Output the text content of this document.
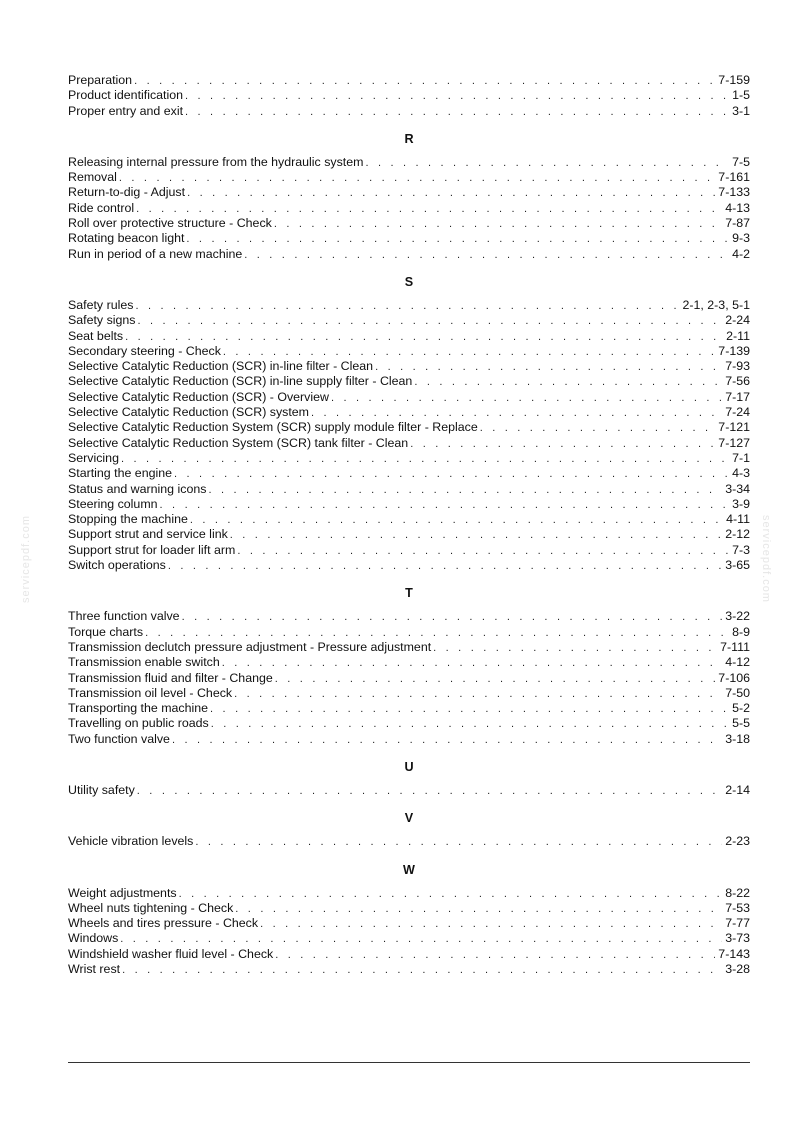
Preparation . . .	7-159
Product identification . . .	1-5
Proper entry and exit . . .	3-1
R
Releasing internal pressure from the hydraulic system . . .	7-5
Removal . . .	7-161
Return-to-dig - Adjust . . .	7-133
Ride control . . .	4-13
Roll over protective structure - Check . . .	7-87
Rotating beacon light . . .	9-3
Run in period of a new machine . . .	4-2
S
Safety rules . . .	2-1, 2-3, 5-1
Safety signs . . .	2-24
Seat belts . . .	2-11
Secondary steering - Check . . .	7-139
Selective Catalytic Reduction (SCR) in-line filter - Clean . . .	7-93
Selective Catalytic Reduction (SCR) in-line supply filter - Clean . . .	7-56
Selective Catalytic Reduction (SCR) - Overview . . .	7-17
Selective Catalytic Reduction (SCR) system . . .	7-24
Selective Catalytic Reduction System (SCR) supply module filter - Replace . . .	7-121
Selective Catalytic Reduction System (SCR) tank filter - Clean . . .	7-127
Servicing . . .	7-1
Starting the engine . . .	4-3
Status and warning icons . . .	3-34
Steering column . . .	3-9
Stopping the machine . . .	4-11
Support strut and service link . . .	2-12
Support strut for loader lift arm . . .	7-3
Switch operations . . .	3-65
T
Three function valve . . .	3-22
Torque charts . . .	8-9
Transmission declutch pressure adjustment - Pressure adjustment . . .	7-111
Transmission enable switch . . .	4-12
Transmission fluid and filter - Change . . .	7-106
Transmission oil level - Check . . .	7-50
Transporting the machine . . .	5-2
Travelling on public roads . . .	5-5
Two function valve . . .	3-18
U
Utility safety . . .	2-14
V
Vehicle vibration levels . . .	2-23
W
Weight adjustments . . .	8-22
Wheel nuts tightening - Check . . .	7-53
Wheels and tires pressure - Check . . .	7-77
Windows . . .	3-73
Windshield washer fluid level - Check . . .	7-143
Wrist rest . . .	3-28
servicepdf.com	servicepdf.com
